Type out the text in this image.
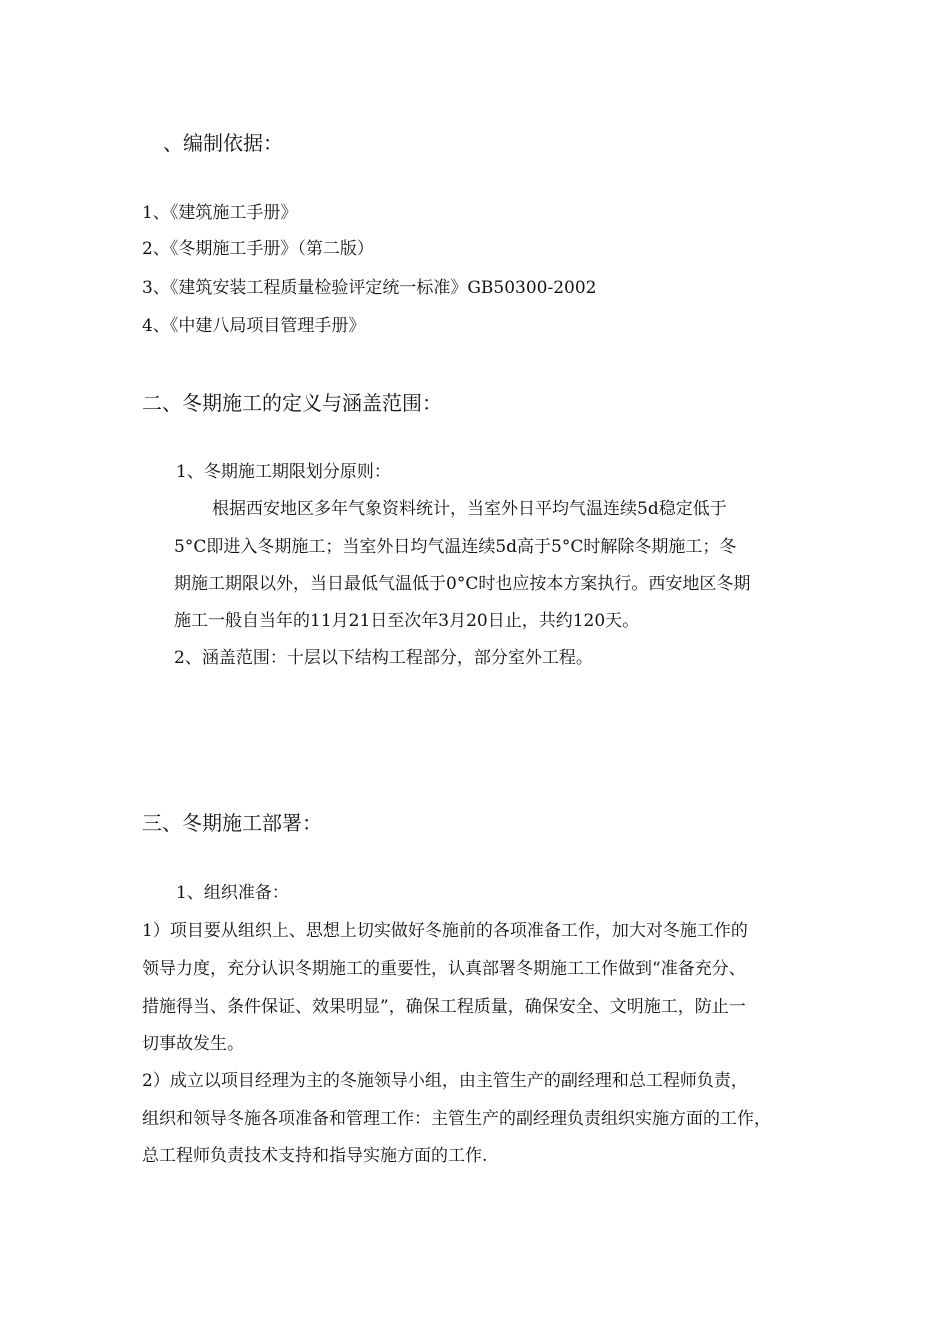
、编制依据：
1、《建筑施工手册》
2、《冬期施工手册》（第二版）
3、《建筑安装工程质量检验评定统一标准》GB50300-2002
4、《中建八局项目管理手册》
二、冬期施工的定义与涵盖范围：
1、冬期施工期限划分原则：
根据西安地区多年气象资料统计，当室外日平均气温连续5d稳定低于
5°C即进入冬期施工；当室外日均气温连续5d高于5°C时解除冬期施工；冬
期施工期限以外，当日最低气温低于0°C时也应按本方案执行。西安地区冬期
施工一般自当年的11月21日至次年3月20日止，共约120天。
2、涵盖范围：十层以下结构工程部分，部分室外工程。
三、冬期施工部署：
1、组织准备：
1）项目要从组织上、思想上切实做好冬施前的各项准备工作，加大对冬施工作的
领导力度，充分认识冬期施工的重要性，认真部署冬期施工工作做到“准备充分、
措施得当、条件保证、效果明显”，确保工程质量，确保安全、文明施工，防止一
切事故发生。
2）成立以项目经理为主的冬施领导小组，由主管生产的副经理和总工程师负责，
组织和领导冬施各项准备和管理工作：主管生产的副经理负责组织实施方面的工作，
总工程师负责技术支持和指导实施方面的工作.
